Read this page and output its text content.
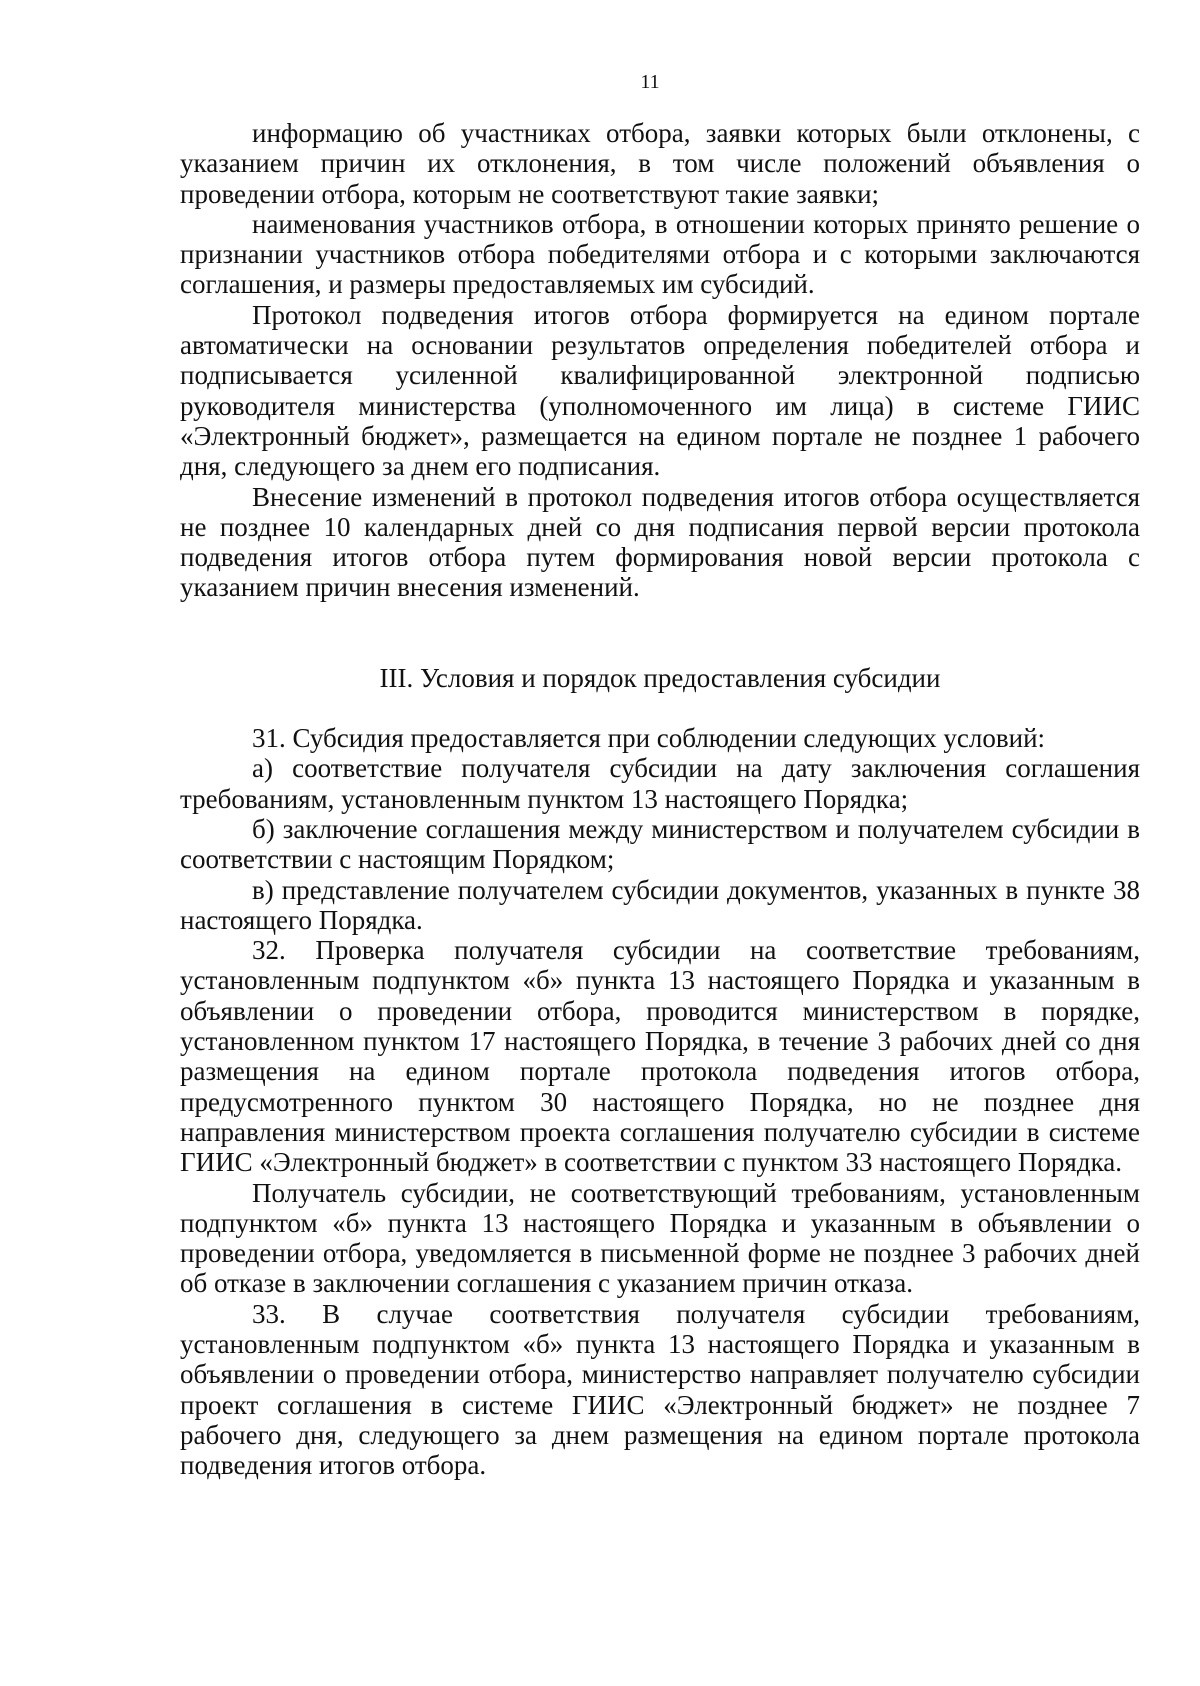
11

информацию об участниках отбора, заявки которых были отклонены, с указанием причин их отклонения, в том числе положений объявления о проведении отбора, которым не соответствуют такие заявки;

наименования участников отбора, в отношении которых принято решение о признании участников отбора победителями отбора и с которыми заключаются соглашения, и размеры предоставляемых им субсидий.

Протокол подведения итогов отбора формируется на едином портале автоматически на основании результатов определения победителей отбора и подписывается усиленной квалифицированной электронной подписью руководителя министерства (уполномоченного им лица) в системе ГИИС «Электронный бюджет», размещается на едином портале не позднее 1 рабочего дня, следующего за днем его подписания.

Внесение изменений в протокол подведения итогов отбора осуществляется не позднее 10 календарных дней со дня подписания первой версии протокола подведения итогов отбора путем формирования новой версии протокола с указанием причин внесения изменений.

III. Условия и порядок предоставления субсидии

31. Субсидия предоставляется при соблюдении следующих условий:

а) соответствие получателя субсидии на дату заключения соглашения требованиям, установленным пунктом 13 настоящего Порядка;

б) заключение соглашения между министерством и получателем субсидии в соответствии с настоящим Порядком;

в) представление получателем субсидии документов, указанных в пункте 38 настоящего Порядка.

32. Проверка получателя субсидии на соответствие требованиям, установленным подпунктом «б» пункта 13 настоящего Порядка и указанным в объявлении о проведении отбора, проводится министерством в порядке, установленном пунктом 17 настоящего Порядка, в течение 3 рабочих дней со дня размещения на едином портале протокола подведения итогов отбора, предусмотренного пунктом 30 настоящего Порядка, но не позднее дня направления министерством проекта соглашения получателю субсидии в системе ГИИС «Электронный бюджет» в соответствии с пунктом 33 настоящего Порядка.

Получатель субсидии, не соответствующий требованиям, установленным подпунктом «б» пункта 13 настоящего Порядка и указанным в объявлении о проведении отбора, уведомляется в письменной форме не позднее 3 рабочих дней об отказе в заключении соглашения с указанием причин отказа.

33. В случае соответствия получателя субсидии требованиям, установленным подпунктом «б» пункта 13 настоящего Порядка и указанным в объявлении о проведении отбора, министерство направляет получателю субсидии проект соглашения в системе ГИИС «Электронный бюджет» не позднее 7 рабочего дня, следующего за днем размещения на едином портале протокола подведения итогов отбора.
